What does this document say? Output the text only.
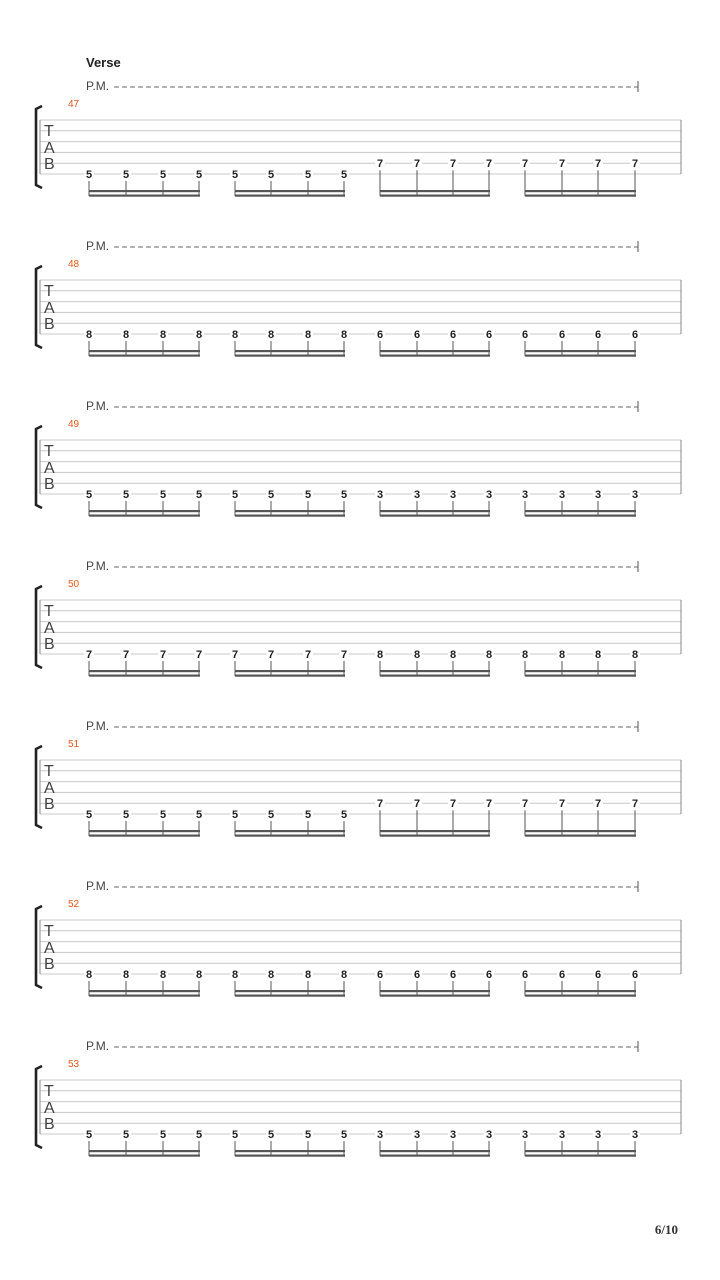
Verse
P.M.
47
T
A
B
5	5	5	5	5	5	5	5
7	7	7	7	7	7	7	7
P.M.
48
T
A
B
8	8	8	8	8	8	8	8	6	6	6	6	6	6	6	6
P.M.
49
T
A
B
5	5	5	5	5	5	5	5	3	3	3	3	3	3	3	3
P.M.
50
T
A
B
7	7	7	7	7	7	7	7	8	8	8	8	8	8	8	8
P.M.
51
T
A
B
5	5	5	5	5	5	5	5
7	7	7	7	7	7	7	7
P.M.
52
T
A
B
8	8	8	8	8	8	8	8	6	6	6	6	6	6	6	6
P.M.
53
T
A
B
5	5	5	5	5	5	5	5	3	3	3	3	3	3	3	3
6/10
